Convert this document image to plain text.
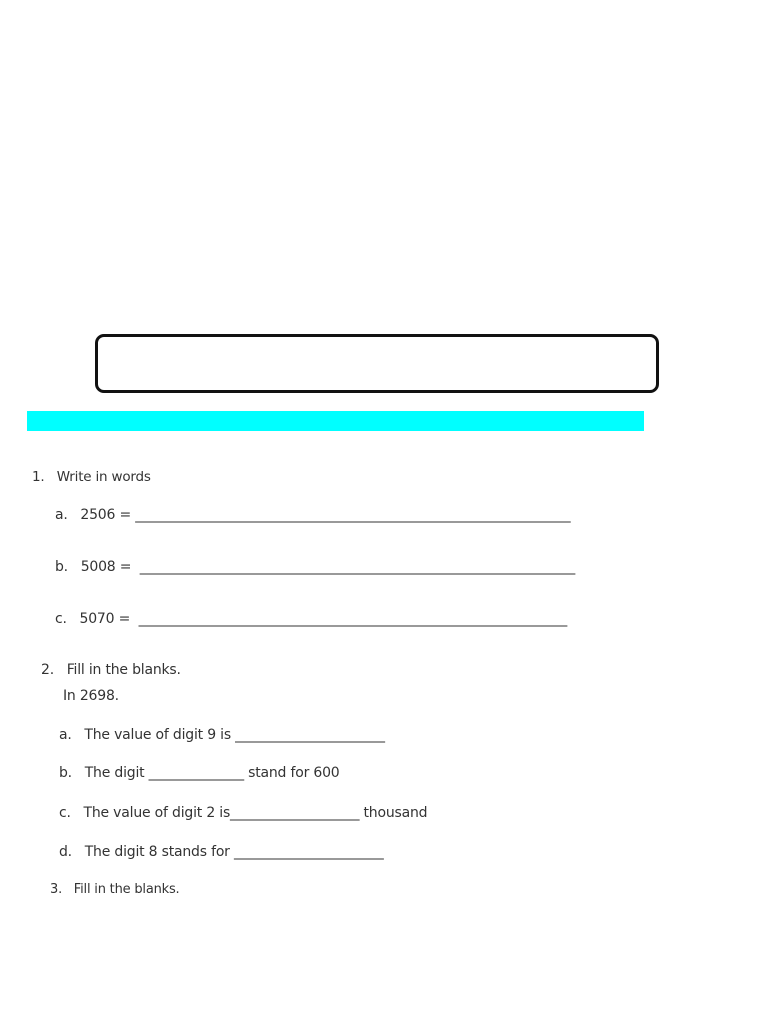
1.   Write in words
a.   2506 = ________________________________________________________________
b.   5008 =  ________________________________________________________________
c.   5070 =  _______________________________________________________________
2.   Fill in the blanks.
In 2698.
a.   The value of digit 9 is ______________________
b.   The digit ______________ stand for 600
c.   The value of digit 2 is___________________ thousand
d.   The digit 8 stands for ______________________
3.   Fill in the blanks.
